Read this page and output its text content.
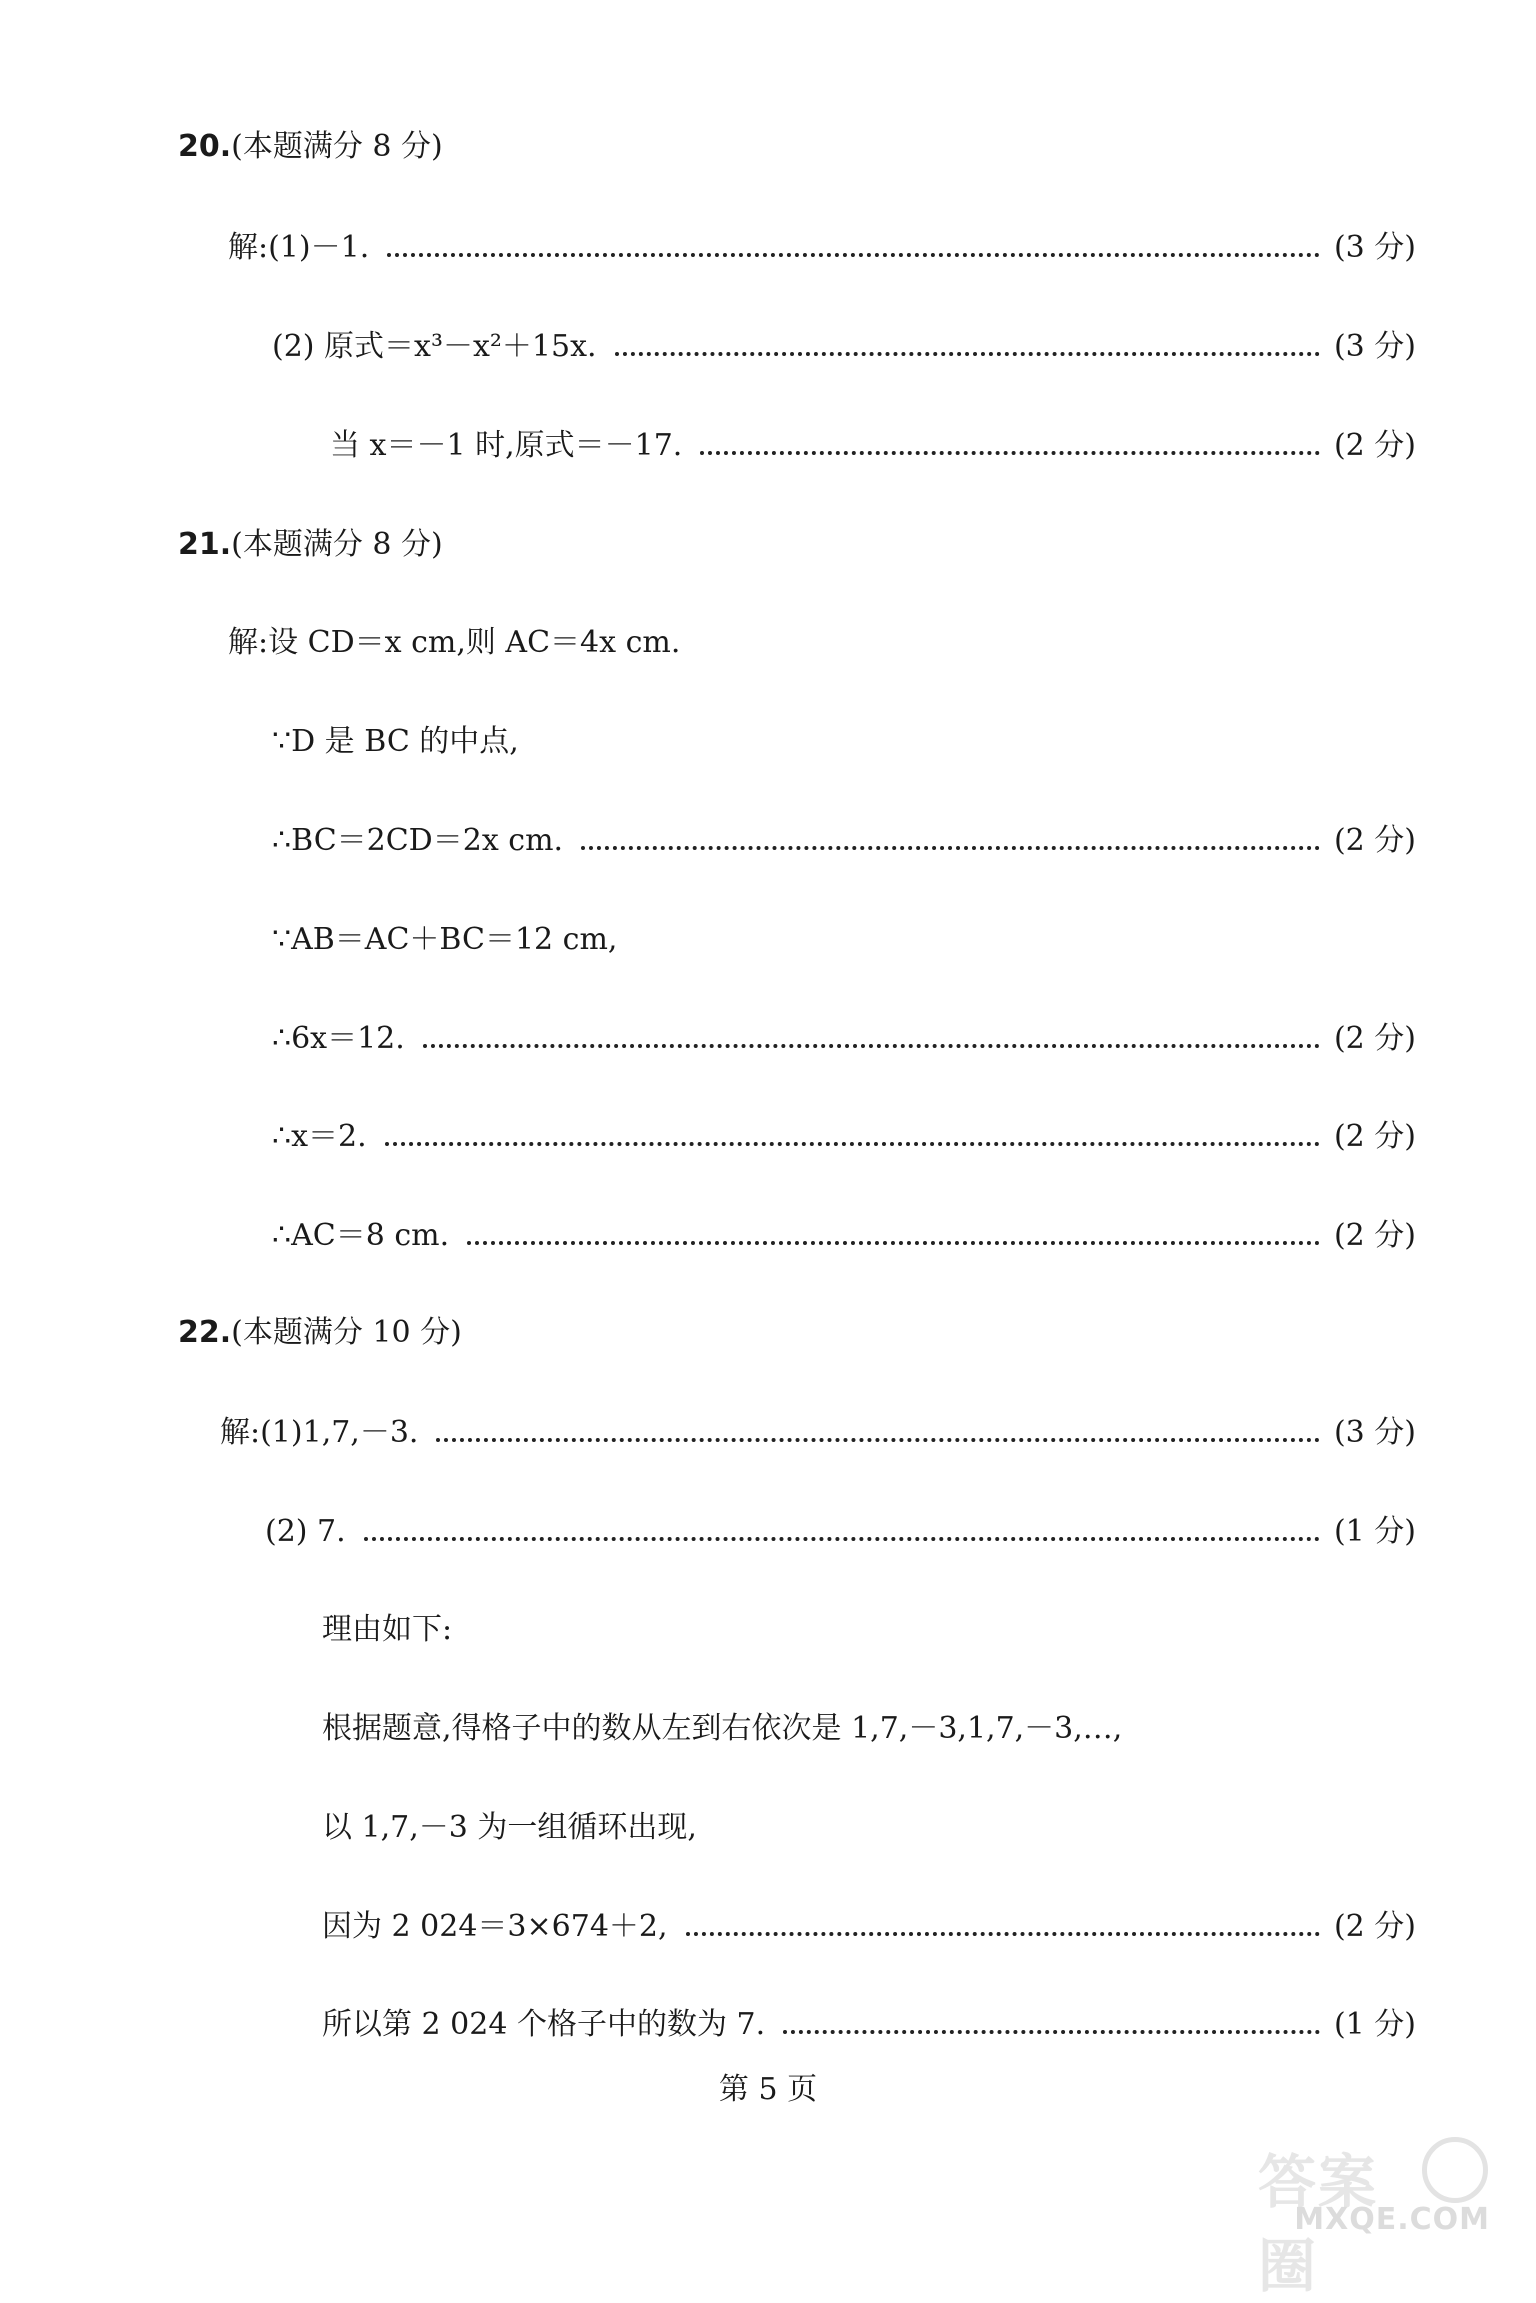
20.(本题满分 8 分)
解:(1)－1.	(3 分)
(2) 原式＝x³－x²＋15x.	(3 分)
当 x＝－1 时,原式＝－17.	(2 分)
21.(本题满分 8 分)
解:设 CD＝x cm,则 AC＝4x cm.
∵D 是 BC 的中点,
∴BC＝2CD＝2x cm.	(2 分)
∵AB＝AC＋BC＝12 cm,
∴6x＝12.	(2 分)
∴x＝2.	(2 分)
∴AC＝8 cm.	(2 分)
22.(本题满分 10 分)
解:(1)1,7,－3.	(3 分)
(2) 7.	(1 分)
理由如下:
根据题意,得格子中的数从左到右依次是 1,7,－3,1,7,－3,…,
以 1,7,－3 为一组循环出现,
因为 2 024＝3×674＋2,	(2 分)
所以第 2 024 个格子中的数为 7.	(1 分)
第 5 页
答案圈
MXQE.COM
